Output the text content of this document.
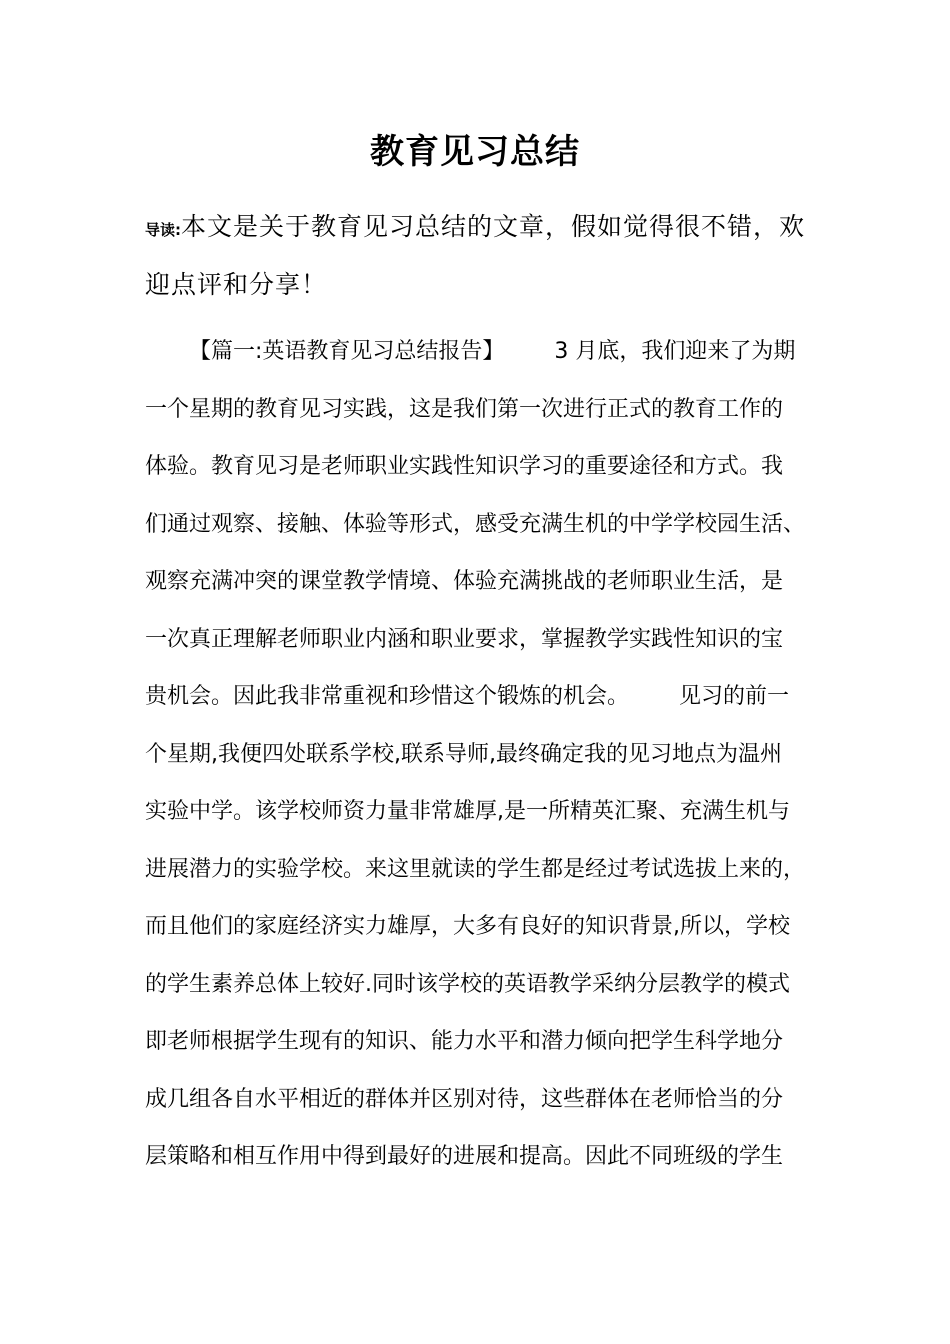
教育见习总结
导读:本文是关于教育见习总结的文章，假如觉得很不错，欢
迎点评和分享！
【篇一:英语教育见习总结报告】 3 月底，我们迎来了为期
一个星期的教育见习实践，这是我们第一次进行正式的教育工作的
体验。教育见习是老师职业实践性知识学习的重要途径和方式。我
们通过观察、接触、体验等形式，感受充满生机的中学学校园生活、
观察充满冲突的课堂教学情境、体验充满挑战的老师职业生活，是
一次真正理解老师职业内涵和职业要求，掌握教学实践性知识的宝
贵机会。因此我非常重视和珍惜这个锻炼的机会。 见习的前一
个星期,我便四处联系学校,联系导师,最终确定我的见习地点为温州
实验中学。该学校师资力量非常雄厚,是一所精英汇聚、充满生机与
进展潜力的实验学校。来这里就读的学生都是经过考试选拔上来的，
而且他们的家庭经济实力雄厚，大多有良好的知识背景,所以，学校
的学生素养总体上较好.同时该学校的英语教学采纳分层教学的模式
即老师根据学生现有的知识、能力水平和潜力倾向把学生科学地分
成几组各自水平相近的群体并区别对待，这些群体在老师恰当的分
层策略和相互作用中得到最好的进展和提高。因此不同班级的学生
